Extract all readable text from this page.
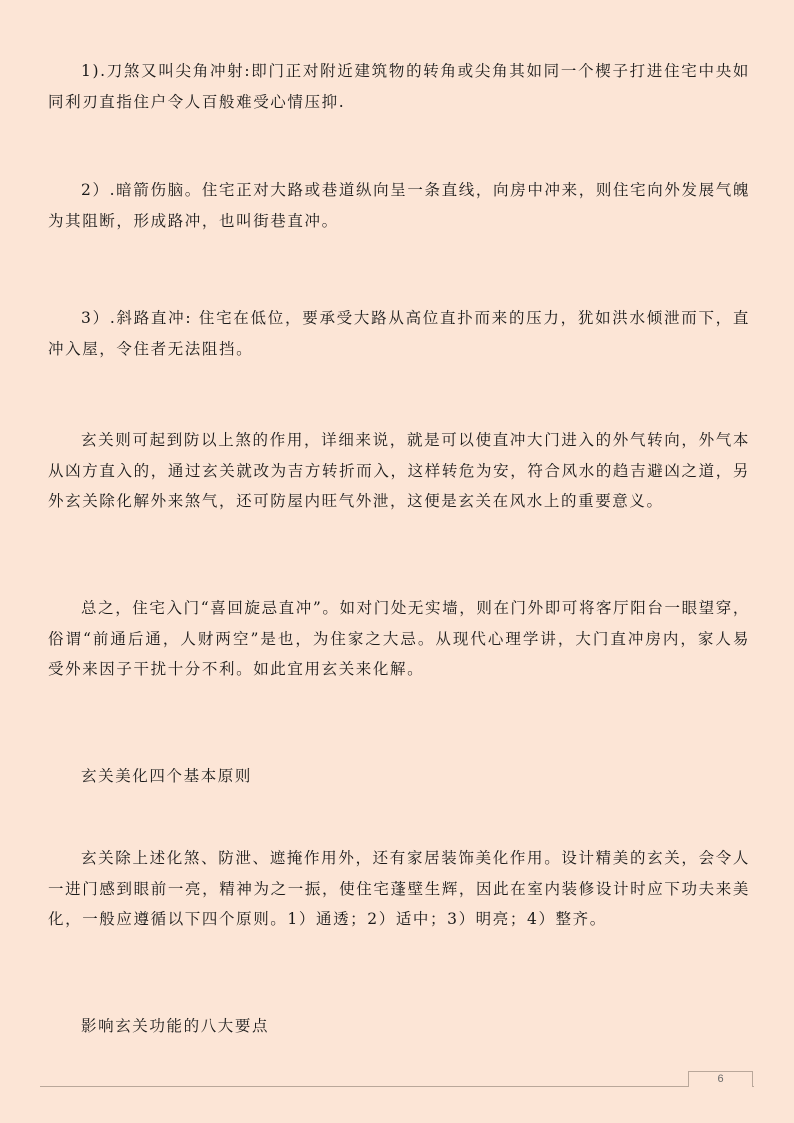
1).刀煞又叫尖角冲射:即门正对附近建筑物的转角或尖角其如同一个楔子打进住宅中央如同利刃直指住户令人百般难受心情压抑.

2）.暗箭伤脑。住宅正对大路或巷道纵向呈一条直线，向房中冲来，则住宅向外发展气魄为其阻断，形成路冲，也叫街巷直冲。

3）.斜路直冲: 住宅在低位，要承受大路从高位直扑而来的压力，犹如洪水倾泄而下，直冲入屋，令住者无法阻挡。

玄关则可起到防以上煞的作用，详细来说，就是可以使直冲大门进入的外气转向，外气本从凶方直入的，通过玄关就改为吉方转折而入，这样转危为安，符合风水的趋吉避凶之道，另外玄关除化解外来煞气，还可防屋内旺气外泄，这便是玄关在风水上的重要意义。

总之，住宅入门“喜回旋忌直冲”。如对门处无实墙，则在门外即可将客厅阳台一眼望穿，俗谓“前通后通，人财两空”是也，为住家之大忌。从现代心理学讲，大门直冲房内，家人易受外来因子干扰十分不利。如此宜用玄关来化解。

玄关美化四个基本原则

玄关除上述化煞、防泄、遮掩作用外，还有家居装饰美化作用。设计精美的玄关，会令人一进门感到眼前一亮，精神为之一振，使住宅蓬壁生辉，因此在室内装修设计时应下功夫来美化，一般应遵循以下四个原则。1）通透；2）适中；3）明亮；4）整齐。

影响玄关功能的八大要点

6
